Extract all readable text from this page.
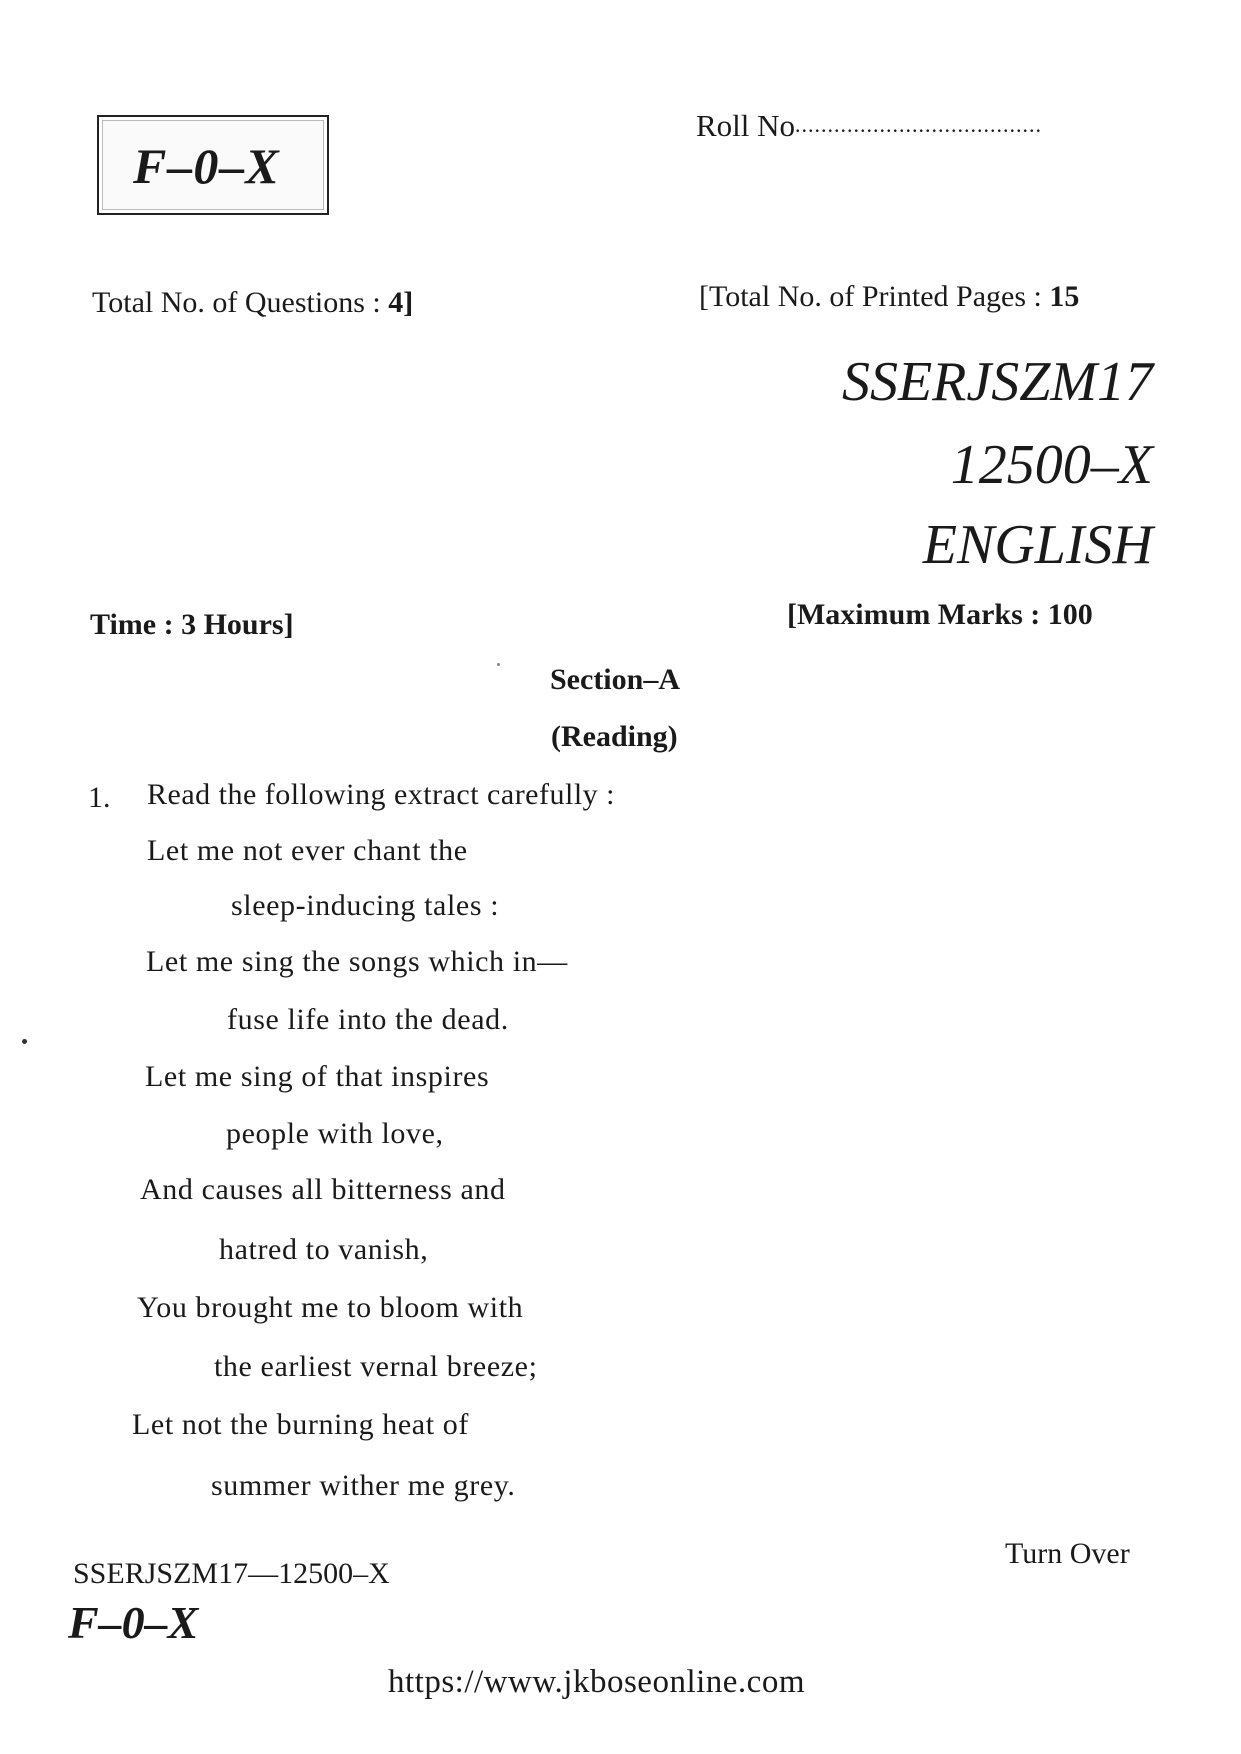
F–0–X
Roll No......................................
Total No. of Questions : 4]	[Total No. of Printed Pages : 15
SSERJSZM17
12500–X
ENGLISH
Time : 3 Hours]	[Maximum Marks : 100
Section–A
(Reading)
1. Read the following extract carefully :
Let me not ever chant the
sleep-inducing tales :
Let me sing the songs which in—
fuse life into the dead.
Let me sing of that inspires
people with love,
And causes all bitterness and
hatred to vanish,
You brought me to bloom with
the earliest vernal breeze;
Let not the burning heat of
summer wither me grey.
SSERJSZM17—12500–X
F–0–X
Turn Over
https://www.jkboseonline.com
